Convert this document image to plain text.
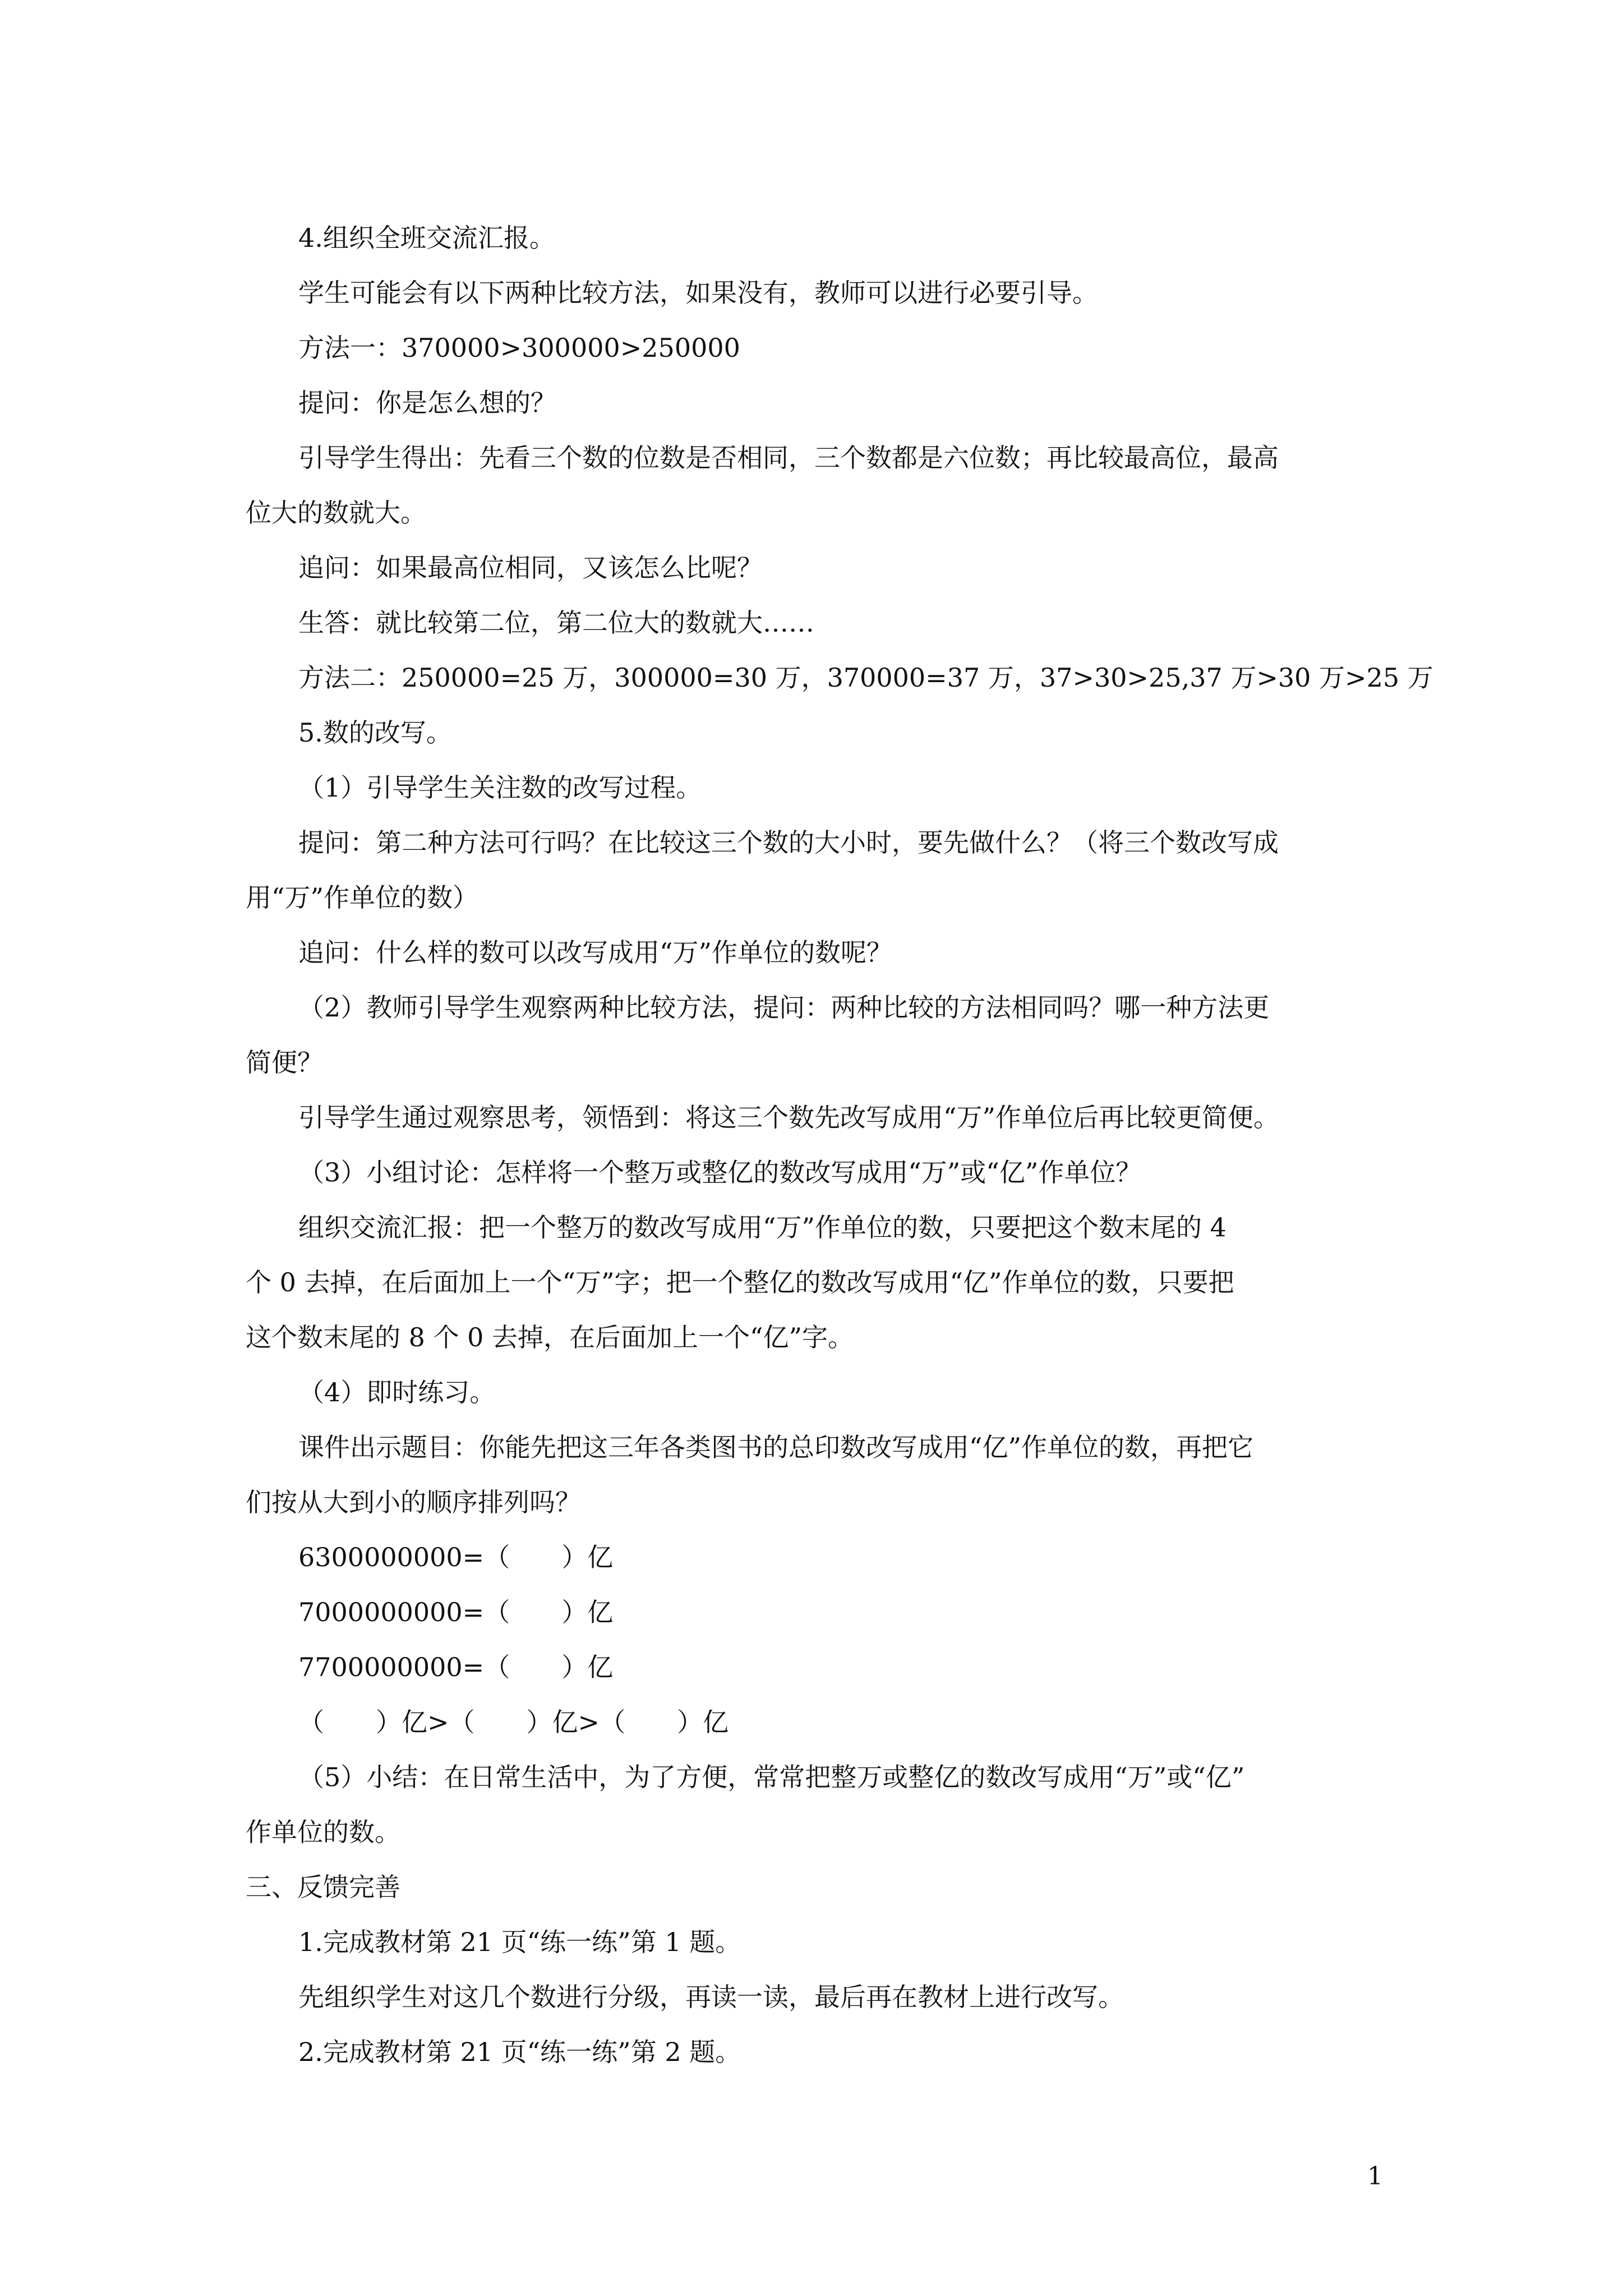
4.组织全班交流汇报。

学生可能会有以下两种比较方法，如果没有，教师可以进行必要引导。

方法一：370000>300000>250000

提问：你是怎么想的？

引导学生得出：先看三个数的位数是否相同，三个数都是六位数；再比较最高位，最高

位大的数就大。

追问：如果最高位相同，又该怎么比呢？

生答：就比较第二位，第二位大的数就大……

方法二：250000=25 万，300000=30 万，370000=37 万，37>30>25,37 万>30 万>25 万

5.数的改写。

（1）引导学生关注数的改写过程。

提问：第二种方法可行吗？在比较这三个数的大小时，要先做什么？（将三个数改写成

用“万”作单位的数）

追问：什么样的数可以改写成用“万”作单位的数呢？

（2）教师引导学生观察两种比较方法，提问：两种比较的方法相同吗？哪一种方法更

简便？

引导学生通过观察思考，领悟到：将这三个数先改写成用“万”作单位后再比较更简便。

（3）小组讨论：怎样将一个整万或整亿的数改写成用“万”或“亿”作单位？

组织交流汇报：把一个整万的数改写成用“万”作单位的数，只要把这个数末尾的 4

个 0 去掉，在后面加上一个“万”字；把一个整亿的数改写成用“亿”作单位的数，只要把

这个数末尾的 8 个 0 去掉，在后面加上一个“亿”字。

（4）即时练习。

课件出示题目：你能先把这三年各类图书的总印数改写成用“亿”作单位的数，再把它

们按从大到小的顺序排列吗？

6300000000=（　　）亿

7000000000=（　　）亿

7700000000=（　　）亿

（　　）亿>（　　）亿>（　　）亿

（5）小结：在日常生活中，为了方便，常常把整万或整亿的数改写成用“万”或“亿”

作单位的数。

三、反馈完善

1.完成教材第 21 页“练一练”第 1 题。

先组织学生对这几个数进行分级，再读一读，最后再在教材上进行改写。

2.完成教材第 21 页“练一练”第 2 题。

1
